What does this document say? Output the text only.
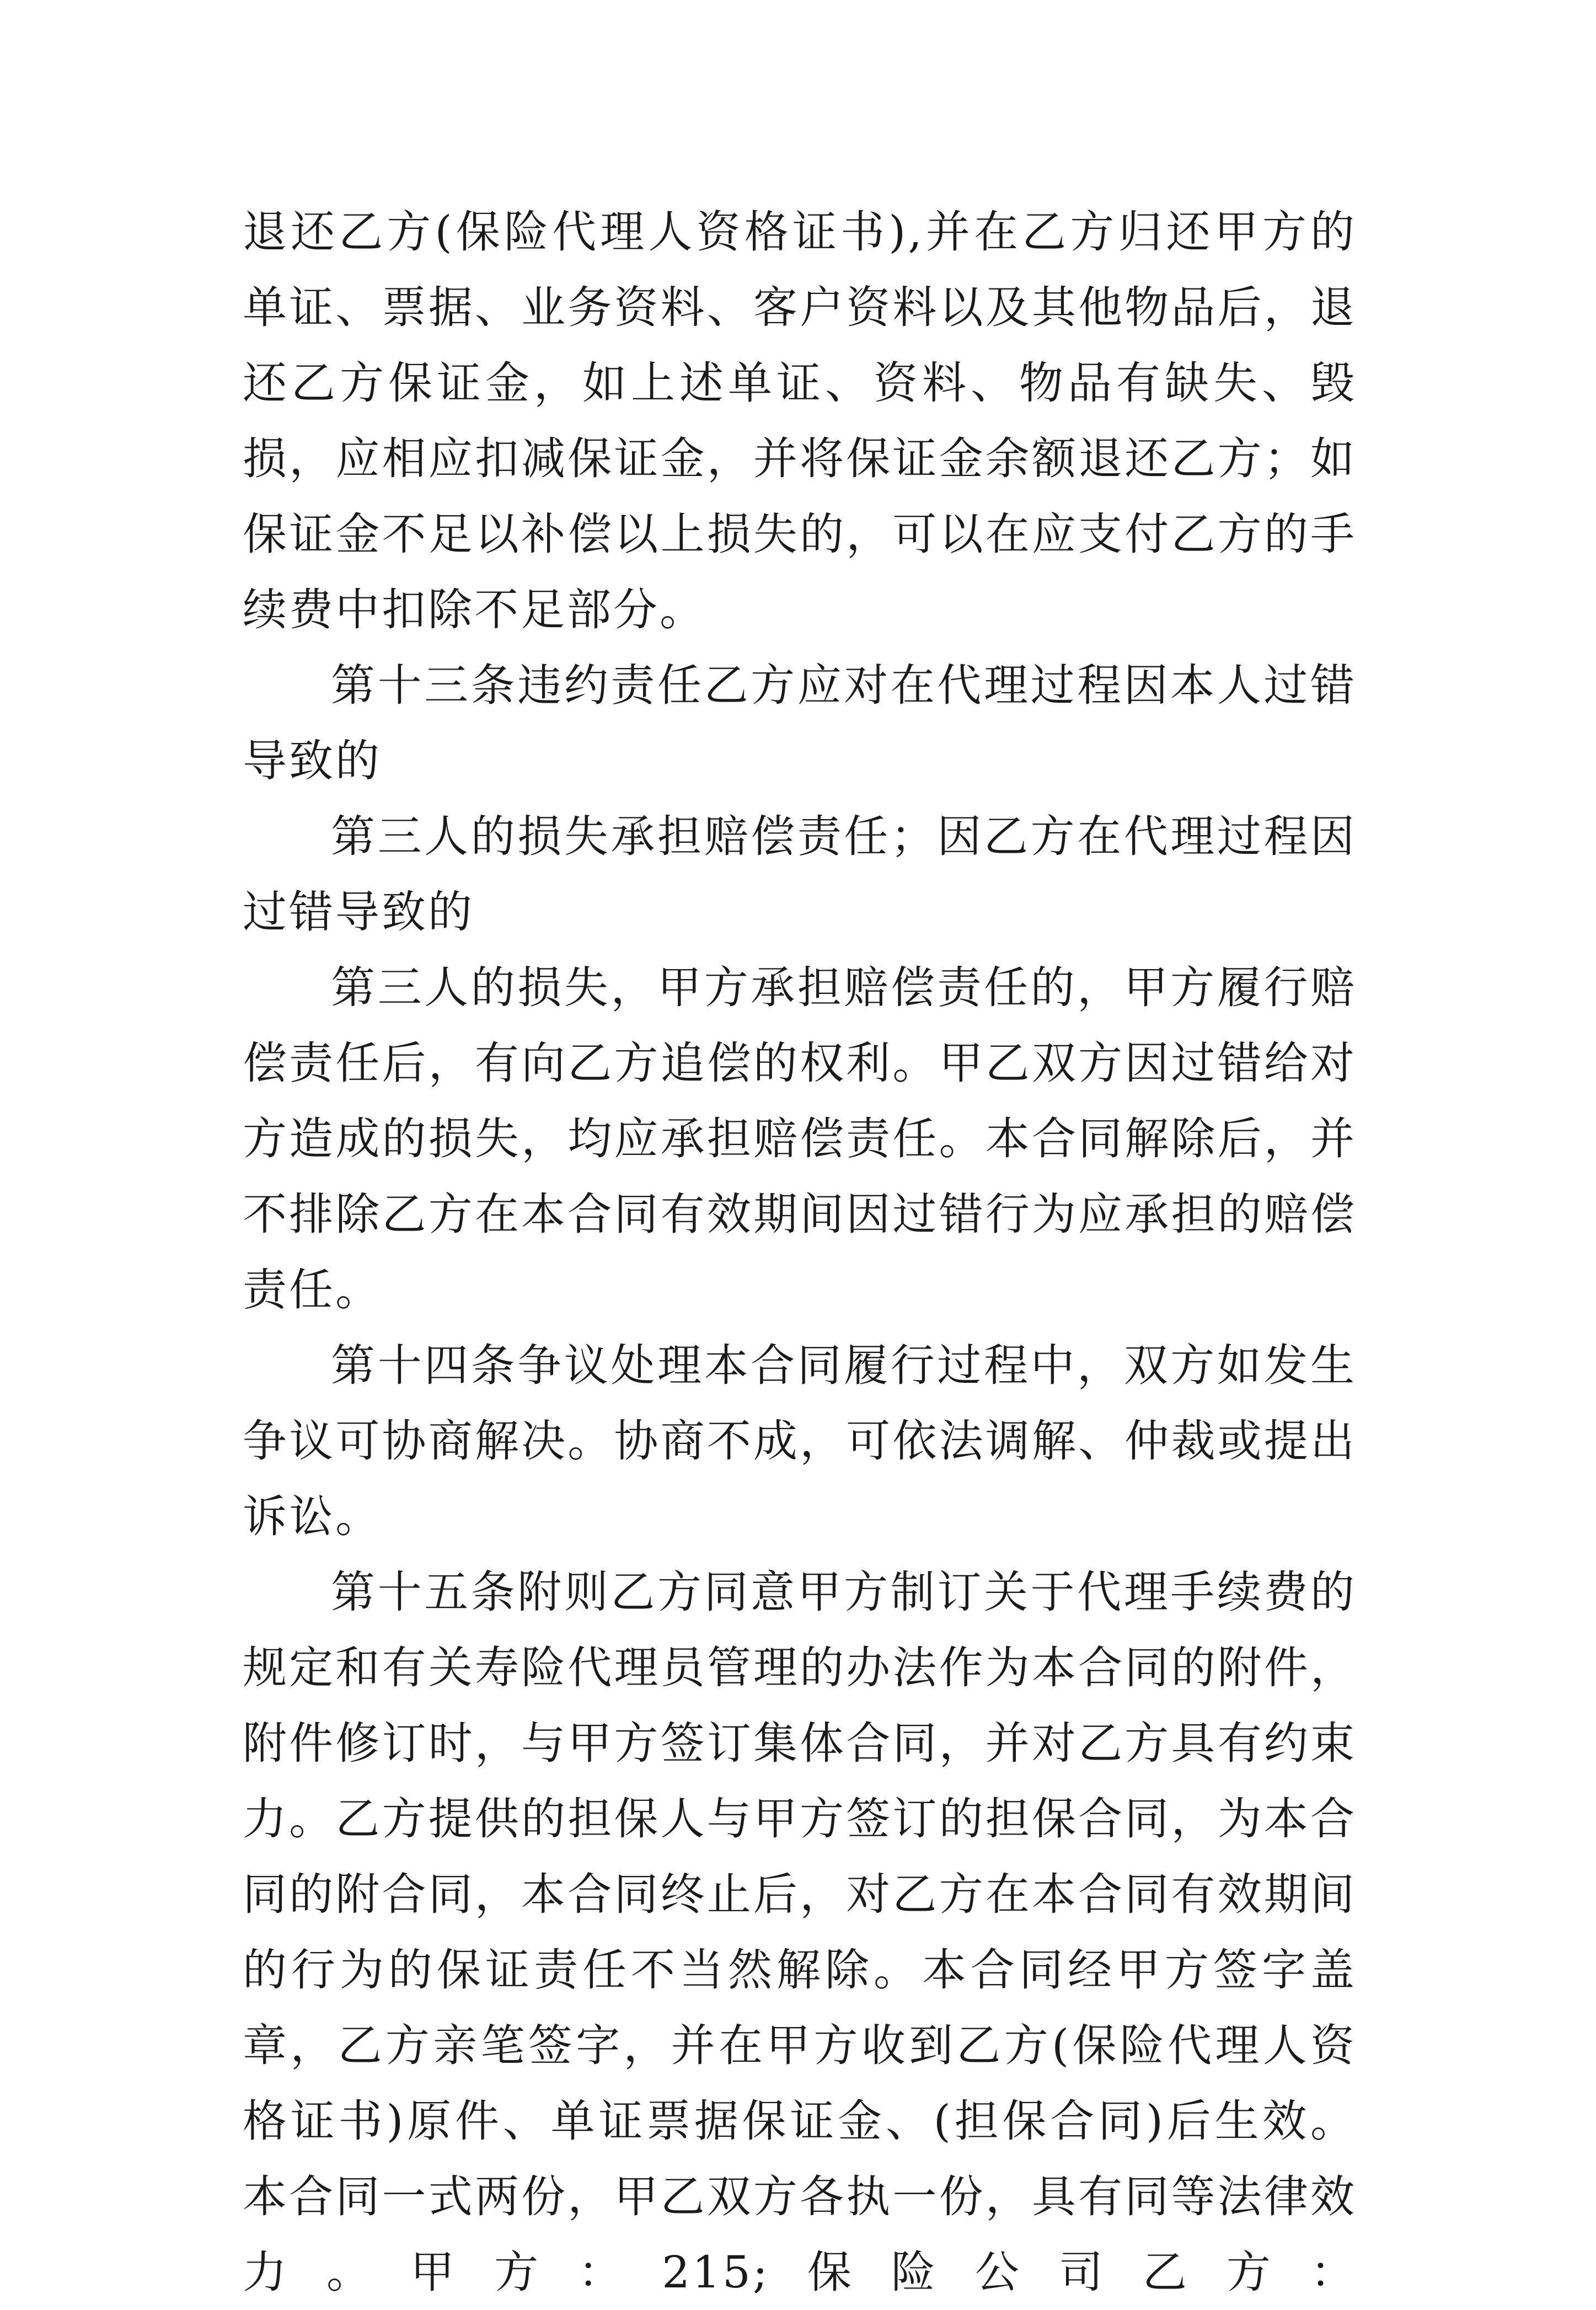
退还乙方(保险代理人资格证书),并在乙方归还甲方的单证、票据、业务资料、客户资料以及其他物品后，退还乙方保证金，如上述单证、资料、物品有缺失、毁损，应相应扣减保证金，并将保证金余额退还乙方；如保证金不足以补偿以上损失的，可以在应支付乙方的手续费中扣除不足部分。

第十三条违约责任乙方应对在代理过程因本人过错导致的

第三人的损失承担赔偿责任；因乙方在代理过程因过错导致的

第三人的损失，甲方承担赔偿责任的，甲方履行赔偿责任后，有向乙方追偿的权利。甲乙双方因过错给对方造成的损失，均应承担赔偿责任。本合同解除后，并不排除乙方在本合同有效期间因过错行为应承担的赔偿责任。

第十四条争议处理本合同履行过程中，双方如发生争议可协商解决。协商不成，可依法调解、仲裁或提出诉讼。

第十五条附则乙方同意甲方制订关于代理手续费的规定和有关寿险代理员管理的办法作为本合同的附件，附件修订时，与甲方签订集体合同，并对乙方具有约束力。乙方提供的担保人与甲方签订的担保合同，为本合同的附合同，本合同终止后，对乙方在本合同有效期间的行为的保证责任不当然解除。本合同经甲方签字盖章，乙方亲笔签字，并在甲方收到乙方(保险代理人资格证书)原件、单证票据保证金、(担保合同)后生效。本合同一式两份，甲乙双方各执一份，具有同等法律效力。甲方：215;保险公司乙方：
